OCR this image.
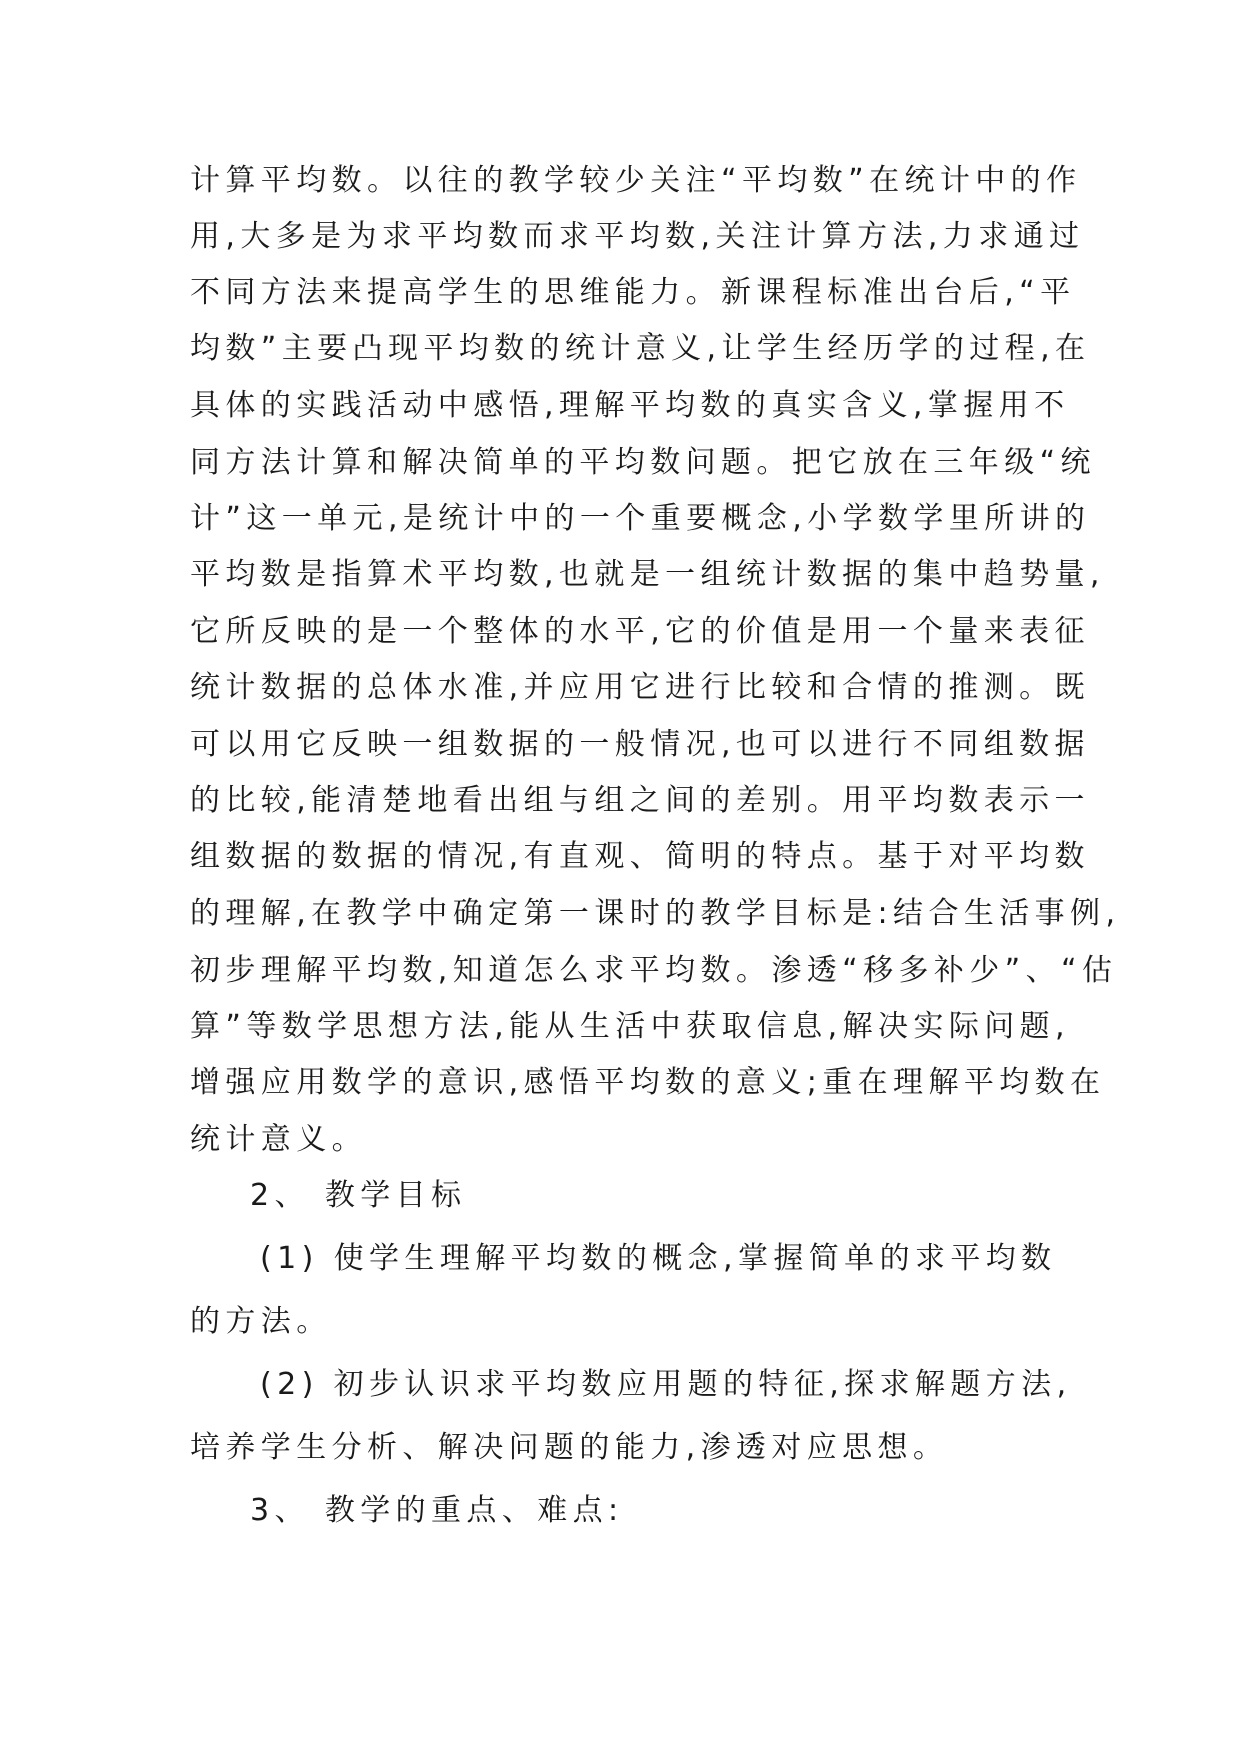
计算平均数。以往的教学较少关注“平均数”在统计中的作
用,大多是为求平均数而求平均数,关注计算方法,力求通过
不同方法来提高学生的思维能力。新课程标准出台后,“平
均数”主要凸现平均数的统计意义,让学生经历学的过程,在
具体的实践活动中感悟,理解平均数的真实含义,掌握用不
同方法计算和解决简单的平均数问题。把它放在三年级“统
计”这一单元,是统计中的一个重要概念,小学数学里所讲的
平均数是指算术平均数,也就是一组统计数据的集中趋势量,
它所反映的是一个整体的水平,它的价值是用一个量来表征
统计数据的总体水准,并应用它进行比较和合情的推测。既
可以用它反映一组数据的一般情况,也可以进行不同组数据
的比较,能清楚地看出组与组之间的差别。用平均数表示一
组数据的数据的情况,有直观、简明的特点。基于对平均数
的理解,在教学中确定第一课时的教学目标是:结合生活事例,
初步理解平均数,知道怎么求平均数。渗透“移多补少”、“估
算”等数学思想方法,能从生活中获取信息,解决实际问题,
增强应用数学的意识,感悟平均数的意义;重在理解平均数在
统计意义。
2、 教学目标
(1) 使学生理解平均数的概念,掌握简单的求平均数
的方法。
(2) 初步认识求平均数应用题的特征,探求解题方法,
培养学生分析、解决问题的能力,渗透对应思想。
3、 教学的重点、难点:
